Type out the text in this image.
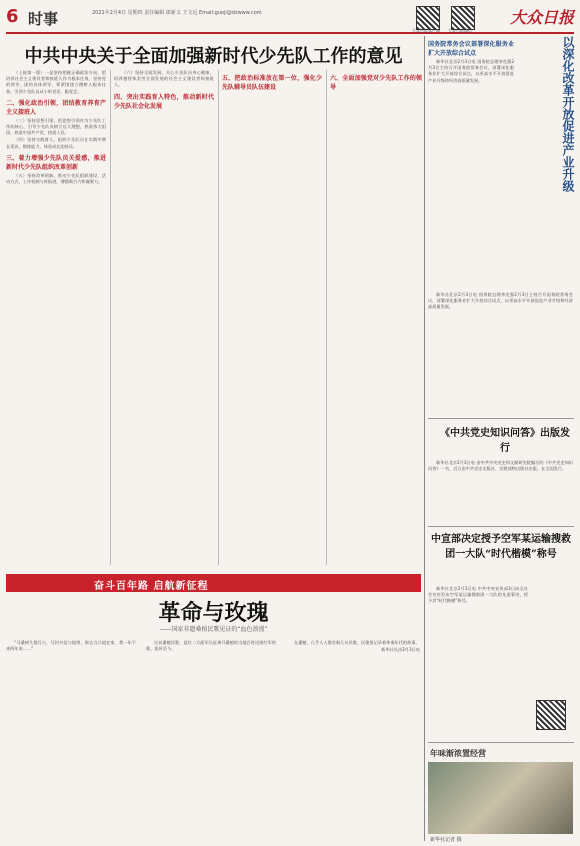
6 时事	2021年2月4日 星期四 责任编辑 郎新义 王文远 Email:guoji@dzwww.com
大众日报客户端 大众日报微信
大众日报
中共中央关于全面加强新时代少先队工作的意见

（上接第一版）一是坚持把握正确政治方向，把培养社会主义建设者和接班人作为根本任务，坚持党的领导，团的具体领导，紧紧围绕立德树人根本任务，引领少先队员从小听党话、跟党走。

二、强化政治引领，团结教育养育产主义接班人

（三）坚持思想引领。把思想引领作为少先队工作的核心，引导少先队员树立远大理想，热爱伟大祖国，热爱中国共产党，热爱人民。

（四）坚持实践育人。组织少先队员在实践中增长见识，锻炼能力，体验成长的快乐。

三、着力增强少先队员关爱感，推进新时代少先队组织改革创新

（五）坚持改革创新。推动少先队组织建设、活动方式、工作机制与时俱进，增强吸引力和凝聚力。

（六）坚持全面发展。关心少先队员身心健康，培养德智体美劳全面发展的社会主义建设者和接班人。

四、突出实践育人特色，推动新时代少先队社会化发展
五、把政治标准放在第一位，强化少先队辅导员队伍建设
六、全面加强党对少先队工作的领导
奋斗百年路 启航新征程
革命与玫瑰
——国家非遗桑植民歌见证的“血色浪漫”

“马桑树儿搭灯台，写封书信与姐带，郎去当兵姐在家，我一年不来两年来……”

这首桑植民歌，是红二方面军长征离开桑植时当地百姓送别红军的歌，流传至今。

在桑植，几乎人人都会唱几句民歌，民歌里记录着革命年代的故事。

新华社长沙2月3日电

以深化改革开放促进产业升级
国务院常务会议部署深化服务业扩大开放综合试点

新华社北京2月3日电 国务院总理李克强2月3日主持召开国务院常务会议，部署深化服务业扩大开放综合试点，以更高水平开放促进产业升级和经济高质量发展。

新华社北京2月3日电 国务院总理李克强2月3日主持召开国务院常务会议，部署深化服务业扩大开放综合试点，以更高水平开放促进产业升级和经济高质量发展。

《中共党史知识问答》出版发行

新华社北京2月3日电 由中共中央党史和文献研究院编写的《中共党史知识问答》一书，近日由中共党史出版社、党建读物出版社出版，在全国发行。

中宣部决定授予空军某运输搜救团一大队“时代楷模”称号

新华社北京2月3日电 中共中央宣传部3日向全社会宣传发布空军某运输搜救团一大队的先进事迹，授予其“时代楷模”称号。

年味渐浓置经营
新华社记者 摄
